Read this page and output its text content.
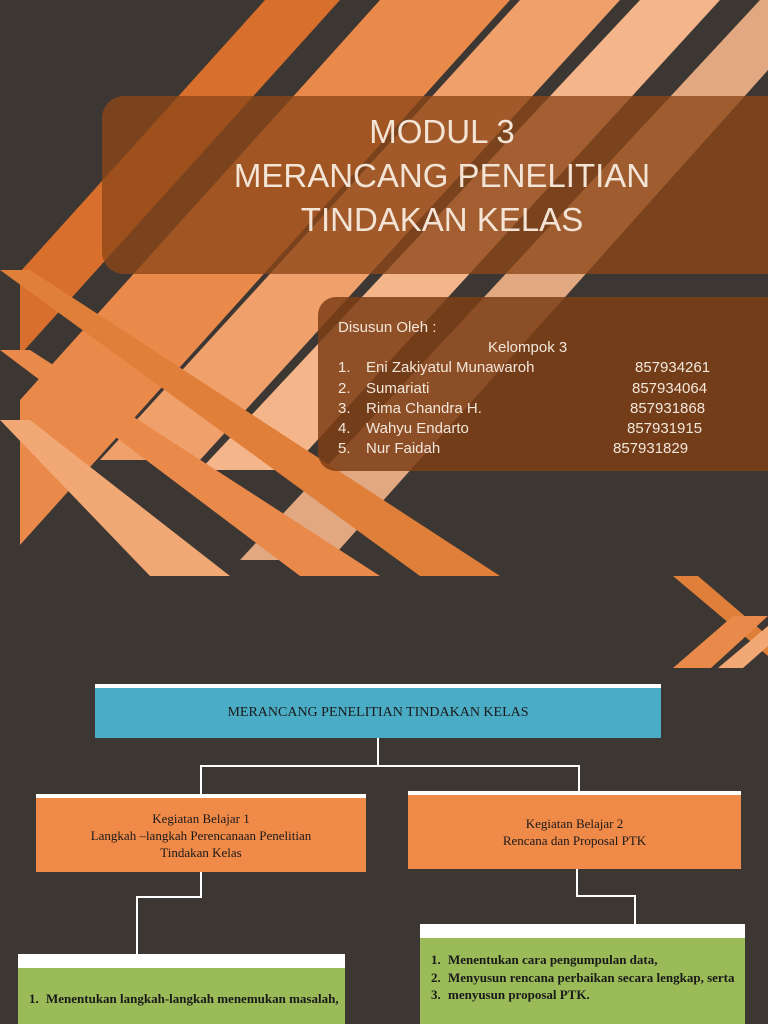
MODUL 3
MERANCANG PENELITIAN
TINDAKAN KELAS
Disusun Oleh :
Kelompok 3
1. Eni Zakiyatul Munawaroh	857934261
2. Sumariati	857934064
3. Rima Chandra H.	857931868
4. Wahyu Endarto	857931915
5. Nur Faidah	857931829
MERANCANG PENELITIAN TINDAKAN KELAS
Kegiatan Belajar 1
Langkah –langkah Perencanaan Penelitian
Tindakan Kelas
Kegiatan Belajar 2
Rencana dan Proposal PTK
1. Menentukan langkah-langkah menemukan masalah,
1. Menentukan cara pengumpulan data,
2. Menyusun rencana perbaikan secara lengkap, serta
3. menyusun proposal PTK.
